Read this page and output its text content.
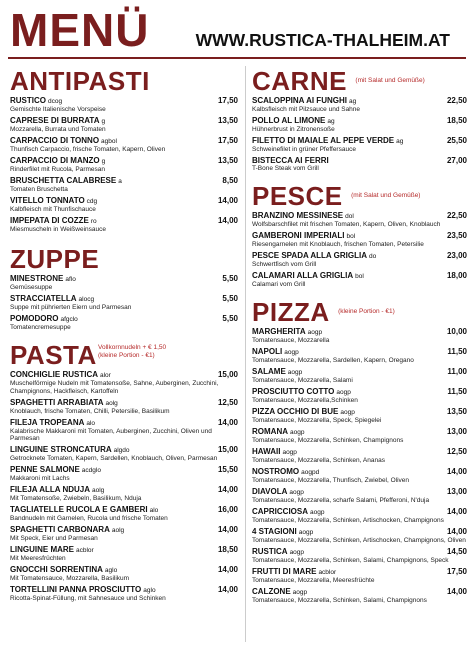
MENÜ	WWW.RUSTICA-THALHEIM.AT
ANTIPASTI
RUSTICO dcog	17,50
Gemischte Italienische Vorspeise
CAPRESE DI BURRATA g	13,50
Mozzarella, Burrata und Tomaten
CARPACCIO DI TONNO agbol	17,50
Thunfisch Carpaccio, frische Tomaten, Kapern, Oliven
CARPACCIO DI MANZO g	13,50
Rinderfilet mit Rucola, Parmesan
BRUSCHETTA CALABRESE a	8,50
Tomaten Bruschetta
VITELLO TONNATO cdg	14,00
Kalbfleisch mit Thunfischauce
IMPEPATA DI COZZE ro	14,00
Miesmuscheln in Weißweinsauce
ZUPPE
MINESTRONE aflo	5,50
Gemüsesuppe
STRACCIATELLA alocg	5,50
Suppe mit pührierten Eiern und Parmesan
POMODORO afgclo	5,50
Tomatencremesuppe
PASTA Vollkornnudeln + € 1,50
(kleine Portion - €1)
CONCHIGLIE RUSTICA alor	15,00
Muschelförmige Nudeln mit Tomatensoße, Sahne, Auberginen, Zucchini, Champignons, Hackfleisch, Kartoffeln
SPAGHETTI ARRABIATA aolg	12,50
Knoblauch, frische Tomaten, Chilli, Petersilie, Basilikum
FILEJA TROPEANA alo	14,00
Kalabrische Makkaroni mit Tomaten, Auberginen, Zucchini, Oliven und Parmesan
LINGUINE STRONCATURA algdo	15,00
Getrocknete Tomaten, Kapern, Sardellen, Knoblauch, Oliven, Parmesan
PENNE SALMONE acdglo	15,50
Makkaroni mit Lachs
FILEJA ALLA NDUJA aolg	14,00
Mit Tomatensoße, Zwiebeln, Basilikum, Nduja
TAGLIATELLE RUCOLA E GAMBERI alo	16,00
Bandnudeln mit Garnelen, Rucola und frische Tomaten
SPAGHETTI CARBONARA aolg	14,00
Mit Speck, Eier und Parmesan
LINGUINE MARE acblor	18,50
Mit Meeresfrüchten
GNOCCHI SORRENTINA aglo	14,00
Mit Tomatensauce, Mozzarella, Basilikum
TORTELLINI PANNA PROSCIUTTO aglo	14,00
Ricotta-Spinat-Füllung, mit Sahnesauce und Schinken
CARNE (mit Salat und Gemüße)
SCALOPPINA AI FUNGHI ag	22,50
Kalbsfleisch mit Pilzsauce und Sahne
POLLO AL LIMONE ag	18,50
Hühnerbrust in Zitronensoße
FILETTO DI MAIALE AL PEPE VERDE ag	25,50
Schweinefilet in grüner Pfeffersauce
BISTECCA AI FERRI	27,00
T-Bone Steak vom Grill
PESCE (mit Salat und Gemüße)
BRANZINO MESSINESE dol	22,50
Wolfsbarschfilet mit frischen Tomaten, Kapern, Oliven, Knoblauch
GAMBERONI IMPERIALI bol	23,50
Riesengarnelen mit Knoblauch, frischen Tomaten, Petersilie
PESCE SPADA ALLA GRIGLIA do	23,00
Schwertfisch vom Grill
CALAMARI ALLA GRIGLIA bol	18,00
Calamari vom Grill
PIZZA (kleine Portion - €1)
MARGHERITA aogp	10,00
Tomatensauce, Mozzarella
NAPOLI aogp	11,50
Tomatensauce, Mozzarella, Sardellen, Kapern, Oregano
SALAME aogp	11,00
Tomatensauce, Mozzarella, Salami
PROSCIUTTO COTTO aogp	11,50
Tomatensauce, Mozzarella,Schinken
PIZZA OCCHIO DI BUE aogp	13,50
Tomatensauce, Mozzarella, Speck, Spiegelei
ROMANA aogp	13,00
Tomatensauce, Mozzarella, Schinken, Champignons
HAWAII aogp	12,50
Tomatensauce, Mozzarella, Schinken, Ananas
NOSTROMO aogpd	14,00
Tomatensauce, Mozzarella, Thunfisch, Zwiebel, Oliven
DIAVOLA aogp	13,00
Tomatensauce, Mozzarella, scharfe Salami, Pfefferoni, N'duja
CAPRICCIOSA aogp	14,00
Tomatensauce, Mozzarella, Schinken, Artischocken, Champignons
4 STAGIONI aogp	14,00
Tomatensauce, Mozzarella, Schinken, Artischocken, Champignons, Oliven
RUSTICA aogp	14,50
Tomatensauce, Mozzarella, Schinken, Salami, Champignons, Speck
FRUTTI DI MARE acblor	17,50
Tomatensauce, Mozzarella, Meeresfrüchte
CALZONE aogp	14,00
Tomatensauce, Mozzarella, Schinken, Salami, Champignons
